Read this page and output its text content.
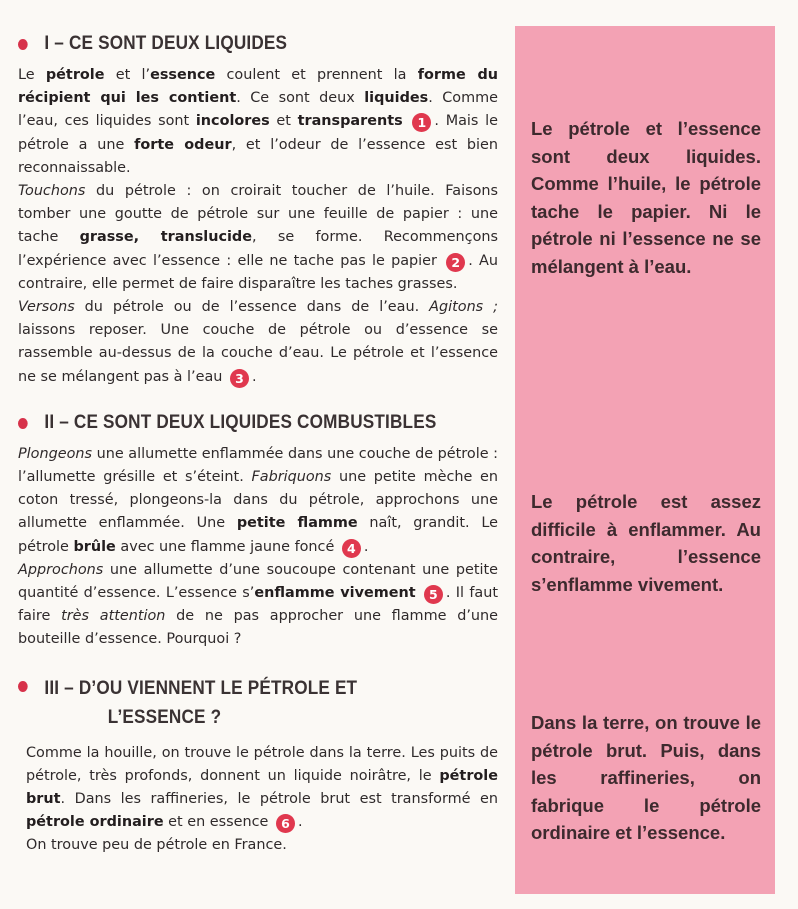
I – CE SONT DEUX LIQUIDES

Le pétrole et l’essence coulent et prennent la forme du récipient qui les contient. Ce sont deux liquides. Comme l’eau, ces liquides sont incolores et transparents 1 . Mais le pétrole a une forte odeur, et l’odeur de l’essence est bien reconnaissable.
Touchons du pétrole : on croirait toucher de l’huile. Faisons tomber une goutte de pétrole sur une feuille de papier : une tache grasse, translucide, se forme. Recommençons l’expérience avec l’essence : elle ne tache pas le papier 2 . Au contraire, elle permet de faire disparaître les taches grasses.
Versons du pétrole ou de l’essence dans de l’eau. Agitons ; laissons reposer. Une couche de pétrole ou d’essence se rassemble au-dessus de la couche d’eau. Le pétrole et l’essence ne se mélangent pas à l’eau 3 .

II – CE SONT DEUX LIQUIDES COMBUSTIBLES

Plongeons une allumette enflammée dans une couche de pétrole : l’allumette grésille et s’éteint. Fabriquons une petite mèche en coton tressé, plongeons-la dans du pétrole, approchons une allumette enflammée. Une petite flamme naît, grandit. Le pétrole brûle avec une flamme jaune foncé 4 .
Approchons une allumette d’une soucoupe contenant une petite quantité d’essence. L’essence s’enflamme vivement 5 . Il faut faire très attention de ne pas approcher une flamme d’une bouteille d’essence. Pourquoi ?

III – D’OU VIENNENT LE PÉTROLE ET
L’ESSENCE ?

Comme la houille, on trouve le pétrole dans la terre. Les puits de pétrole, très profonds, donnent un liquide noirâtre, le pétrole brut. Dans les raffineries, le pétrole brut est transformé en pétrole ordinaire et en essence 6 .
On trouve peu de pétrole en France.

Le pétrole et l’essence sont deux liquides. Comme l’huile, le pétrole tache le papier. Ni le pétrole ni l’essence ne se mélangent à l’eau.

Le pétrole est assez difficile à enflammer. Au contraire, l’essence s’enflamme vivement.

Dans la terre, on trouve le pétrole brut. Puis, dans les raffineries, on fabrique le pétrole ordinaire et l’essence.
